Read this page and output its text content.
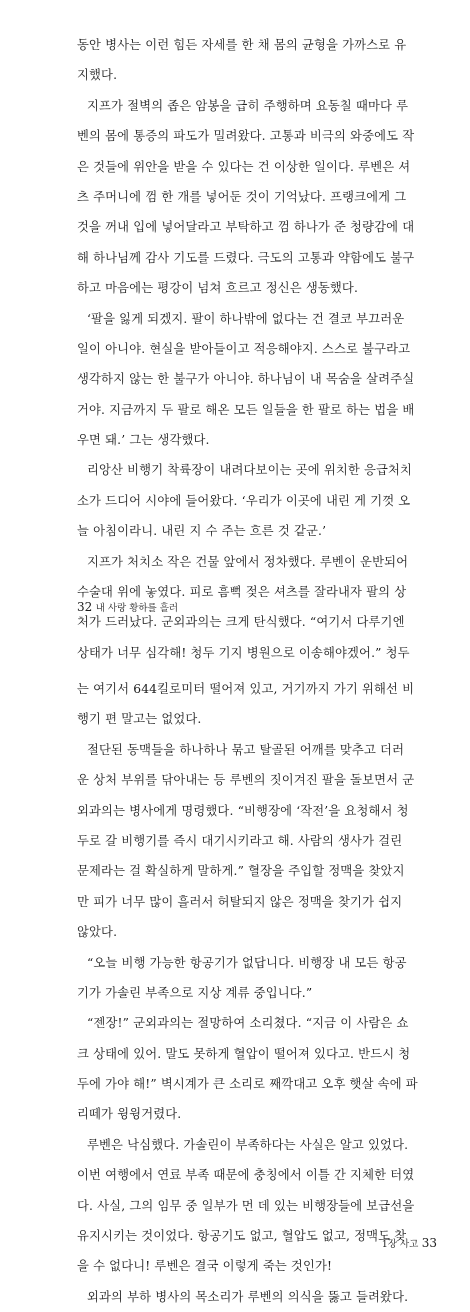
동안 병사는 이런 힘든 자세를 한 채 몸의 균형을 가까스로 유
지했다.
지프가 절벽의 좁은 암봉을 급히 주행하며 요동칠 때마다 루
벤의 몸에 통증의 파도가 밀려왔다. 고통과 비극의 와중에도 작
은 것들에 위안을 받을 수 있다는 건 이상한 일이다. 루벤은 셔
츠 주머니에 껌 한 개를 넣어둔 것이 기억났다. 프랭크에게 그
것을 꺼내 입에 넣어달라고 부탁하고 껌 하나가 준 청량감에 대
해 하나님께 감사 기도를 드렸다. 극도의 고통과 약함에도 불구
하고 마음에는 평강이 넘쳐 흐르고 정신은 생동했다.
‘팔을 잃게 되겠지. 팔이 하나밖에 없다는 건 결코 부끄러운
일이 아니야. 현실을 받아들이고 적응해야지. 스스로 불구라고
생각하지 않는 한 불구가 아니야. 하나님이 내 목숨을 살려주실
거야. 지금까지 두 팔로 해온 모든 일들을 한 팔로 하는 법을 배
우면 돼.’ 그는 생각했다.
리앙산 비행기 착륙장이 내려다보이는 곳에 위치한 응급처치
소가 드디어 시야에 들어왔다. ‘우리가 이곳에 내린 게 기껏 오
늘 아침이라니. 내린 지 수 주는 흐른 것 같군.’
지프가 처치소 작은 건물 앞에서 정차했다. 루벤이 운반되어
수술대 위에 놓였다. 피로 흠뻑 젖은 셔츠를 잘라내자 팔의 상
처가 드러났다. 군외과의는 크게 탄식했다. “여기서 다루기엔
상태가 너무 심각해! 청두 기지 병원으로 이송해야겠어.” 청두
32 내 사랑 황하를 흘러
는 여기서 644킬로미터 떨어져 있고, 거기까지 가기 위해선 비
행기 편 말고는 없었다.
절단된 동맥들을 하나하나 묶고 탈골된 어깨를 맞추고 더러
운 상처 부위를 닦아내는 등 루벤의 짓이겨진 팔을 돌보면서 군
외과의는 병사에게 명령했다. “비행장에 ‘작전’을 요청해서 청
두로 갈 비행기를 즉시 대기시키라고 해. 사람의 생사가 걸린
문제라는 걸 확실하게 말하게.” 혈장을 주입할 정맥을 찾았지
만 피가 너무 많이 흘러서 허탈되지 않은 정맥을 찾기가 쉽지
않았다.
“오늘 비행 가능한 항공기가 없답니다. 비행장 내 모든 항공
기가 가솔린 부족으로 지상 계류 중입니다.”
“젠장!” 군외과의는 절망하여 소리쳤다. “지금 이 사람은 쇼
크 상태에 있어. 말도 못하게 혈압이 떨어져 있다고. 반드시 청
두에 가야 해!” 벽시계가 큰 소리로 째깍대고 오후 햇살 속에 파
리떼가 윙윙거렸다.
루벤은 낙심했다. 가솔린이 부족하다는 사실은 알고 있었다.
이번 여행에서 연료 부족 때문에 충칭에서 이틀 간 지체한 터였
다. 사실, 그의 임무 중 일부가 먼 데 있는 비행장들에 보급선을
유지시키는 것이었다. 항공기도 없고, 혈압도 없고, 정맥도 찾
을 수 없다니! 루벤은 결국 이렇게 죽는 것인가!
외과의 부하 병사의 목소리가 루벤의 의식을 뚫고 들려왔다.
1장 사고 33
